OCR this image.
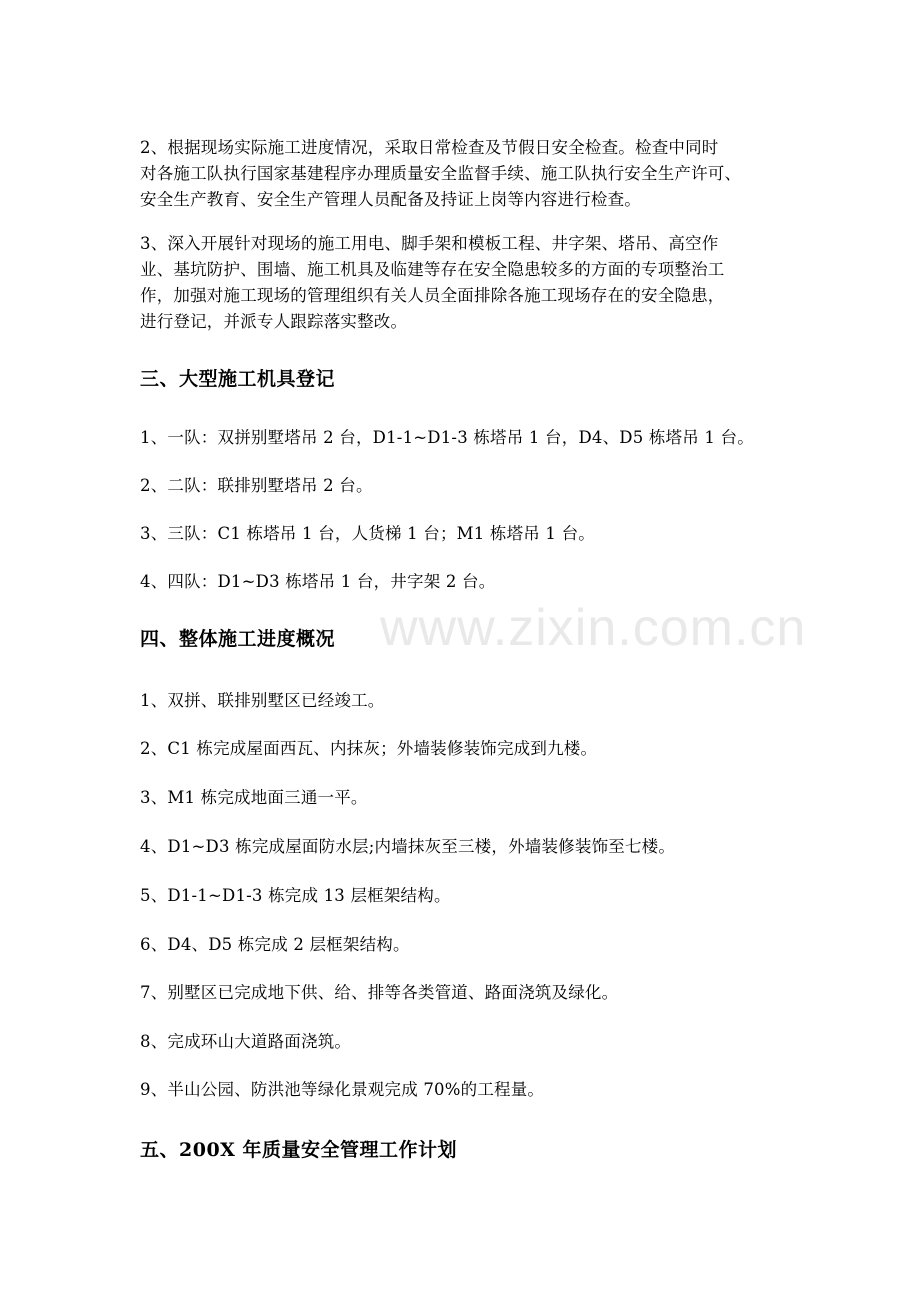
www.zixin.com.cn

2、根据现场实际施工进度情况，采取日常检查及节假日安全检查。检查中同时
对各施工队执行国家基建程序办理质量安全监督手续、施工队执行安全生产许可、
安全生产教育、安全生产管理人员配备及持证上岗等内容进行检查。

3、深入开展针对现场的施工用电、脚手架和模板工程、井字架、塔吊、高空作
业、基坑防护、围墙、施工机具及临建等存在安全隐患较多的方面的专项整治工
作，加强对施工现场的管理组织有关人员全面排除各施工现场存在的安全隐患，
进行登记，并派专人跟踪落实整改。

三、大型施工机具登记

1、一队：双拼别墅塔吊 2 台，D1-1~D1-3 栋塔吊 1 台，D4、D5 栋塔吊 1 台。

2、二队：联排别墅塔吊 2 台。

3、三队：C1 栋塔吊 1 台，人货梯 1 台；M1 栋塔吊 1 台。

4、四队：D1~D3 栋塔吊 1 台，井字架 2 台。

四、整体施工进度概况

1、双拼、联排别墅区已经竣工。

2、C1 栋完成屋面西瓦、内抹灰；外墙装修装饰完成到九楼。

3、M1 栋完成地面三通一平。

4、D1~D3 栋完成屋面防水层;内墙抹灰至三楼，外墙装修装饰至七楼。

5、D1-1~D1-3 栋完成 13 层框架结构。

6、D4、D5 栋完成 2 层框架结构。

7、别墅区已完成地下供、给、排等各类管道、路面浇筑及绿化。

8、完成环山大道路面浇筑。

9、半山公园、防洪池等绿化景观完成 70%的工程量。

五、200X 年质量安全管理工作计划
